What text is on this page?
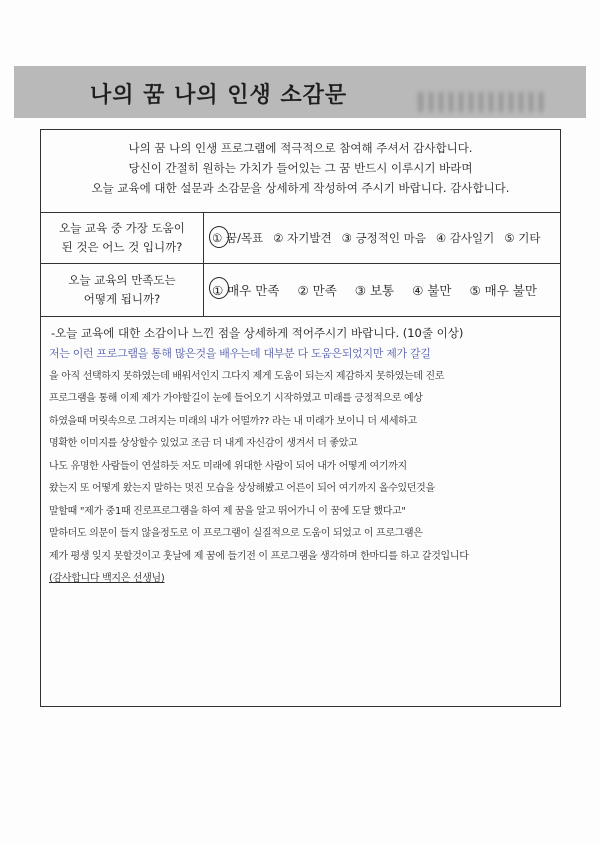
나의 꿈 나의 인생 소감문
나의 꿈 나의 인생 프로그램에 적극적으로 참여해 주셔서 감사합니다.
당신이 간절히 원하는 가치가 들어있는 그 꿈 반드시 이루시기 바라며
오늘 교육에 대한 설문과 소감문을 상세하게 작성하여 주시기 바랍니다. 감사합니다.
오늘 교육 중 가장 도움이
된 것은 어느 것 입니까?
① 꿈/목표 ② 자기발견 ③ 긍정적인 마음 ④ 감사일기 ⑤ 기타
오늘 교육의 만족도는
어떻게 됩니까?
① 매우 만족 ② 만족 ③ 보통 ④ 불만 ⑤ 매우 불만
-오늘 교육에 대한 소감이나 느낀 점을 상세하게 적어주시기 바랍니다. (10줄 이상)
저는 이런 프로그램을 통해 많은것을 배우는데 대부분 다 도움은되었지만 제가 갈길
을 아직 선택하지 못하였는데 배워서인지 그다지 제게 도움이 되는지 제감하지 못하였는데 진로
프로그램을 통해 이제 제가 가야할길이 눈에 들어오기 시작하였고 미래를 긍정적으로 예상
하였을때 머릿속으로 그려지는 미래의 내가 어떨까?? 라는 내 미래가 보이니 더 세세하고
명확한 이미지를 상상할수 있었고 조금 더 내게 자신감이 생겨서 더 좋았고
나도 유명한 사람들이 연설하듯 저도 미래에 위대한 사람이 되어 내가 어떻게 여기까지
왔는지 또 어떻게 왔는지 말하는 멋진 모습을 상상해봤고 어른이 되어 여기까지 올수있던것을
말할때 "제가 중1때 진로프로그램을 하여 제 꿈을 알고 뛰어가니 이 꿈에 도달 했다고"
말하더도 의문이 들지 않을정도로 이 프로그램이 실질적으로 도움이 되었고 이 프로그램은
제가 평생 잊지 못할것이고 훗날에 제 꿈에 들기전 이 프로그램을 생각하며 한마디를 하고 갈것입니다
(감사합니다 백지은 선생님)
